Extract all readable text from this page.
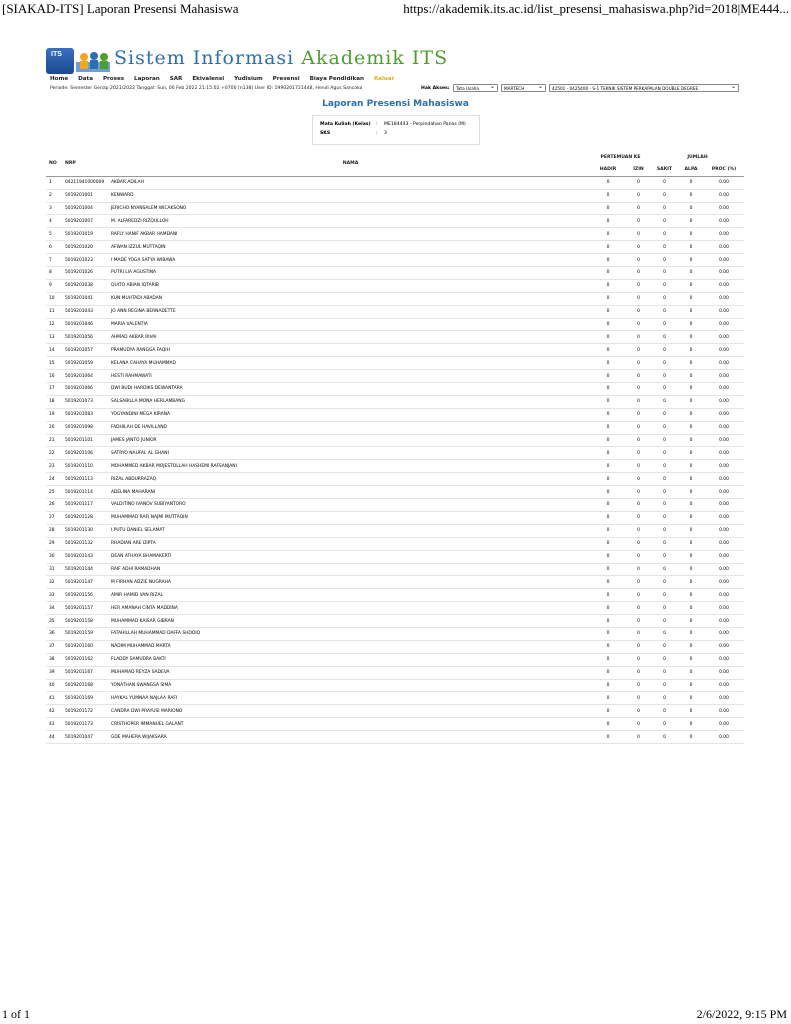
[SIAKAD-ITS] Laporan Presensi Mahasiswa	https://akademik.its.ac.id/list_presensi_mahasiswa.php?id=2018|ME444...
ITS	Sistem Informasi Akademik ITS
Home Data Proses Laporan SAR Ekivalensi Yudisium Presensi Biaya Pendidikan Keluar
Periode: Semester Genap 2021/2022 Tanggal: Sun, 06 Feb 2022 21:15:02 +0700 [n138] User ID: 1990201721448, Hendi Agus Sancaka	Hak Akses:	Tata Usaha ⌄	MARTECH ⌄	42501 - 0425400 - S-1 TEKNIK SISTEM PERKAPALAN DOUBLE DEGREE ⌄
Laporan Presensi Mahasiswa
Mata Kuliah (Kelas) : ME184443 - Perpindahan Panas (M)
SKS	: 3
NO	NRP	NAMA	PERTEMUAN KE		JUMLAH		
			HADIR	IZIN	SAKIT	ALPA	PROC (%)
1	04211941000009	AKBAR ADILAH	0	0	0	0	0.00
2	5019201001	KENWARD	0	0	0	0	0.00
3	5019201004	JERICHO NYANSALEM WICAKSONO	0	0	0	0	0.00
4	5019201007	M. ALFAREDZI RIZQULLOH	0	0	0	0	0.00
5	5019201019	RAFLY HANIF AKBAR HAMDANI	0	0	0	0	0.00
6	5019201020	AFWAN IZZUL MUTTAQIN	0	0	0	0	0.00
7	5019201023	I MADE YOGA SATYA WIBAWA	0	0	0	0	0.00
8	5019201026	PUTRI LIA AGUSTINA	0	0	0	0	0.00
9	5019201038	QUITO ABIAN IQTARIB	0	0	0	0	0.00
10	5019201041	KUN MUHTADI ABADAN	0	0	0	0	0.00
11	5019201043	JO ANN REGINA BERNADETTE	0	0	0	0	0.00
12	5019201046	MARIA VALENTIA	0	0	0	0	0.00
13	5019201056	AHMAD AKBAR RIVAI	0	0	0	0	0.00
14	5019201057	PRAMUDYA RANGGA FAQIH	0	0	0	0	0.00
15	5019201059	KELANA CAHAYA MUHAMMAD	0	0	0	0	0.00
16	5019201064	HESTI RAHMAWATI	0	0	0	0	0.00
17	5019201066	DWI BUDI HARDIKS DEWANTARA	0	0	0	0	0.00
18	5019201073	SALSABILLA MONA HERLAMBANG	0	0	0	0	0.00
19	5019201083	YOGYANDINI MEGA KIRANA	0	0	0	0	0.00
20	5019201098	FADHILAH DE HAVILLAND	0	0	0	0	0.00
21	5019201101	JAMES JANTO JUNIOR	0	0	0	0	0.00
22	5019201106	SATRYO NAUFAL AL GHANI	0	0	0	0	0.00
23	5019201110	MOHAMMED AKBAR MOJESTOLLAH HASHEMI RAFSANJANI	0	0	0	0	0.00
24	5019201113	RIZAL ABDURRAZAQ	0	0	0	0	0.00
25	5019201114	ADELINA MAHARANI	0	0	0	0	0.00
26	5019201117	VALDITINO IVANOV SUBIYANTORO	0	0	0	0	0.00
27	5019201128	MUHAMMAD RAFI NAJMI MUTTAQIN	0	0	0	0	0.00
28	5019201130	I PUTU DANIEL SELAMAT	0	0	0	0	0.00
29	5019201132	RHADIAN ARE DIPTA	0	0	0	0	0.00
30	5019201143	DEAN ATHAYA BHAMAKERTI	0	0	0	0	0.00
31	5019201144	RAIF ADHI RAMADHAN	0	0	0	0	0.00
32	5019201147	M FIRHAN ADZIE NUGRAHA	0	0	0	0	0.00
33	5019201156	AMIR HAMID VAN RIZAL	0	0	0	0	0.00
34	5019201157	HER AMANAH CINTA MADDINA	0	0	0	0	0.00
35	5019201158	MUHAMMAD KAISAR GIBRAN	0	0	0	0	0.00
36	5019201159	FATAHILLAH MUHAMMAD DAFFA SHODIQ	0	0	0	0	0.00
37	5019201160	NADIM MUHAMMAD MARTA	0	0	0	0	0.00
38	5019201162	FLADDY SAMUDRA BAKTI	0	0	0	0	0.00
39	5019201167	MUHAMAD REYZA SADEVA	0	0	0	0	0.00
40	5019201168	YONATHAN SWANGSA SIMA	0	0	0	0	0.00
41	5019201169	HAYKAL YUMNAA NAJLAA RAFI	0	0	0	0	0.00
42	5019201172	CANDRA DWI PRAYUSI MARIONO	0	0	0	0	0.00
43	5019201173	CRISTHOPER IMMANUEL GALANT	0	0	0	0	0.00
44	5019201047	GDE MAHERA WIJAKSARA	0	0	0	0	0.00
1 of 1	2/6/2022, 9:15 PM
